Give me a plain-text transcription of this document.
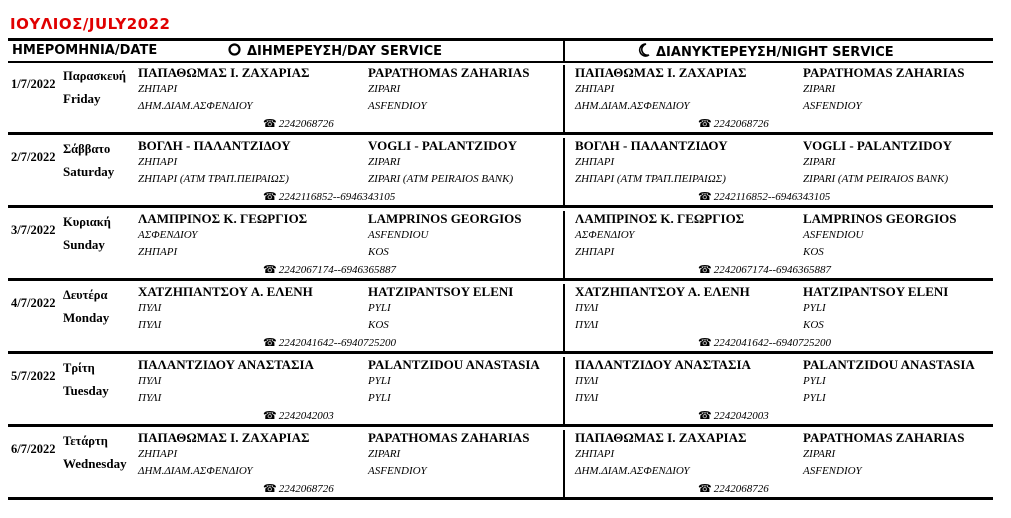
ΙΟΥΛΙΟΣ/JULY2022
ΗΜΕΡΟΜΗΝΙΑ/DATE	ΔΙΗΜΕΡΕΥΣΗ/DAY SERVICE	ΔΙΑΝΥΚΤΕΡΕΥΣΗ/NIGHT SERVICE
1/7/2022
Παρασκευή
Friday
ΠΑΠΑΘΩΜΑΣ Ι. ΖΑΧΑΡΙΑΣ	PAPATHOMAS ZAHARIAS
ΖΗΠΑΡΙ	ZIPARI
ΔΗΜ.ΔΙΑΜ.ΑΣΦΕΝΔΙΟΥ	ASFENDIOY
☎ 2242068726
ΠΑΠΑΘΩΜΑΣ Ι. ΖΑΧΑΡΙΑΣ	PAPATHOMAS ZAHARIAS
ΖΗΠΑΡΙ	ZIPARI
ΔΗΜ.ΔΙΑΜ.ΑΣΦΕΝΔΙΟΥ	ASFENDIOY
☎ 2242068726
2/7/2022
Σάββατο
Saturday
ΒΟΓΛΗ - ΠΑΛΑΝΤΖΙΔΟΥ	VOGLI - PALANTZIDOY
ΖΗΠΑΡΙ	ZIPARI
ΖΗΠΑΡΙ (ΑΤΜ ΤΡΑΠ.ΠΕΙΡΑΙΩΣ)	ZIPARI (ATM PEIRAIOS BANK)
☎ 2242116852--6946343105
ΒΟΓΛΗ - ΠΑΛΑΝΤΖΙΔΟΥ	VOGLI - PALANTZIDOY
ΖΗΠΑΡΙ	ZIPARI
ΖΗΠΑΡΙ (ΑΤΜ ΤΡΑΠ.ΠΕΙΡΑΙΩΣ)	ZIPARI (ATM PEIRAIOS BANK)
☎ 2242116852--6946343105
3/7/2022
Κυριακή
Sunday
ΛΑΜΠΡΙΝΟΣ Κ. ΓΕΩΡΓΙΟΣ	LAMPRINOS GEORGIOS
ΑΣΦΕΝΔΙΟΥ	ASFENDIOU
ΖΗΠΑΡΙ	KOS
☎ 2242067174--6946365887
ΛΑΜΠΡΙΝΟΣ Κ. ΓΕΩΡΓΙΟΣ	LAMPRINOS GEORGIOS
ΑΣΦΕΝΔΙΟΥ	ASFENDIOU
ΖΗΠΑΡΙ	KOS
☎ 2242067174--6946365887
4/7/2022
Δευτέρα
Monday
ΧΑΤΖΗΠΑΝΤΣΟΥ Α. ΕΛΕΝΗ	HATZIPANTSOY ELENI
ΠΥΛΙ	PYLI
ΠΥΛΙ	KOS
☎ 2242041642--6940725200
ΧΑΤΖΗΠΑΝΤΣΟΥ Α. ΕΛΕΝΗ	HATZIPANTSOY ELENI
ΠΥΛΙ	PYLI
ΠΥΛΙ	KOS
☎ 2242041642--6940725200
5/7/2022
Τρίτη
Tuesday
ΠΑΛΑΝΤΖΙΔΟΥ ΑΝΑΣΤΑΣΙΑ	PALANTZIDOU ANASTASIA
ΠΥΛΙ	PYLI
ΠΥΛΙ	PYLI
☎ 2242042003
ΠΑΛΑΝΤΖΙΔΟΥ ΑΝΑΣΤΑΣΙΑ	PALANTZIDOU ANASTASIA
ΠΥΛΙ	PYLI
ΠΥΛΙ	PYLI
☎ 2242042003
6/7/2022
Τετάρτη
Wednesday
ΠΑΠΑΘΩΜΑΣ Ι. ΖΑΧΑΡΙΑΣ	PAPATHOMAS ZAHARIAS
ΖΗΠΑΡΙ	ZIPARI
ΔΗΜ.ΔΙΑΜ.ΑΣΦΕΝΔΙΟΥ	ASFENDIOY
☎ 2242068726
ΠΑΠΑΘΩΜΑΣ Ι. ΖΑΧΑΡΙΑΣ	PAPATHOMAS ZAHARIAS
ΖΗΠΑΡΙ	ZIPARI
ΔΗΜ.ΔΙΑΜ.ΑΣΦΕΝΔΙΟΥ	ASFENDIOY
☎ 2242068726
